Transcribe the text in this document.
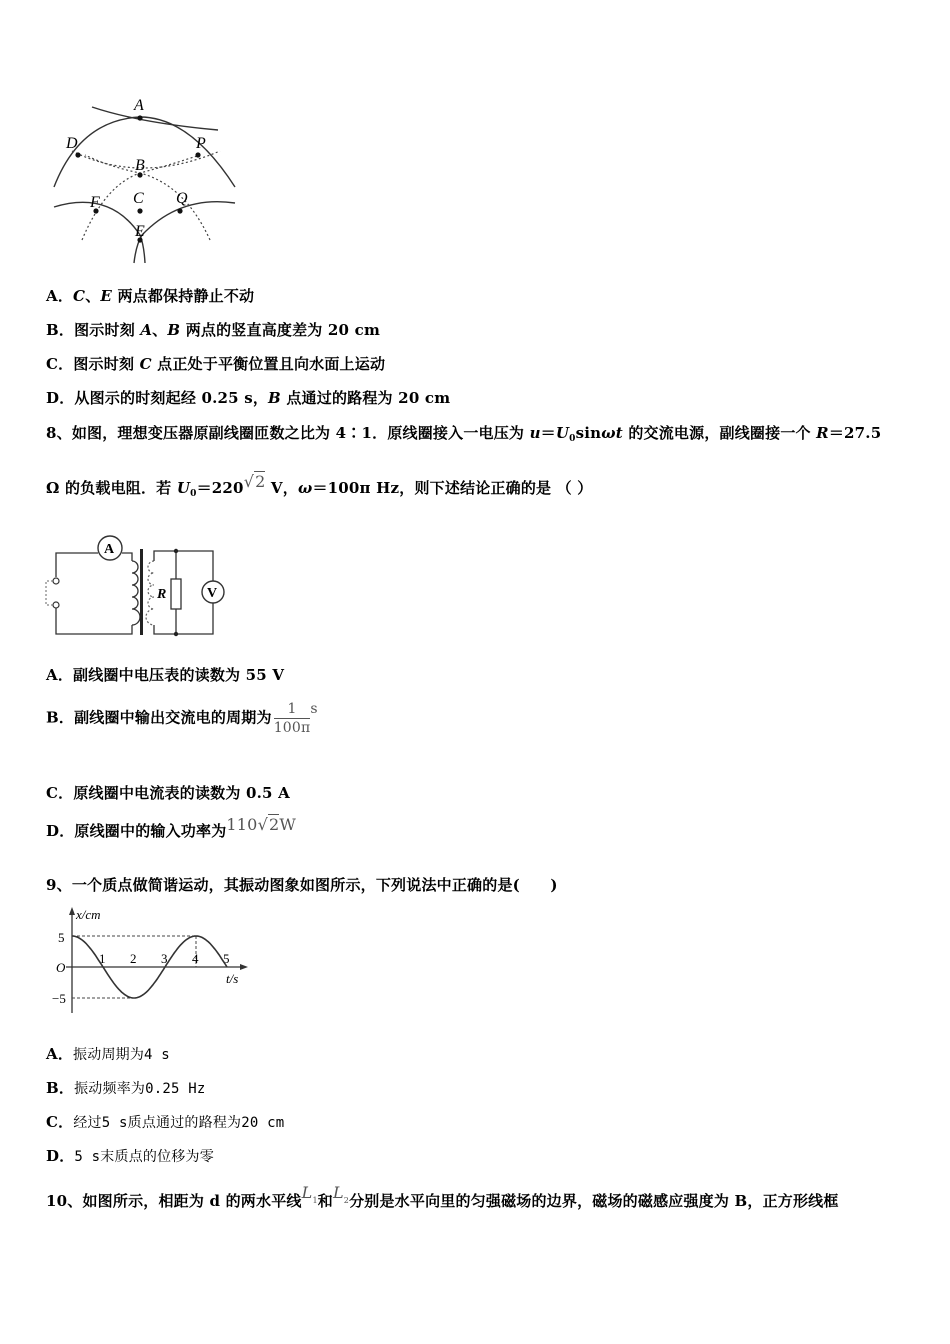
A
D	P
B
C
F	Q
E
A．C、E 两点都保持静止不动
B．图示时刻 A、B 两点的竖直高度差为 20 cm
C．图示时刻 C 点正处于平衡位置且向水面上运动
D．从图示的时刻起经 0.25 s，B 点通过的路程为 20 cm
8、如图，理想变压器原副线圈匝数之比为 4∶1．原线圈接入一电压为 $u=U_0\sin\omega t$ 的交流电源，副线圈接一个 R＝27.5
Ω 的负载电阻．若 $U_0=220√2$ V，ω＝100π Hz，则下述结论正确的是 （ ）
A
R	V
A．副线圈中电压表的读数为 55 V
B．副线圈中输出交流电的周期为 $\frac{1}{100\pi}$ s
C．原线圈中电流表的读数为 0.5 A
D．原线圈中的输入功率为110√2W
9、一个质点做简谐运动，其振动图象如图所示，下列说法中正确的是(　　)
x/cm
t/s
O
5
−5
1 2 3 4 5
A．振动周期为4 s
B．振动频率为0.25 Hz
C．经过5 s质点通过的路程为20 cm
D．5 s末质点的位移为零
10、如图所示，相距为 d 的两水平线$L^1$和$L^2$分别是水平向里的匀强磁场的边界，磁场的磁感应强度为 B，正方形线框
